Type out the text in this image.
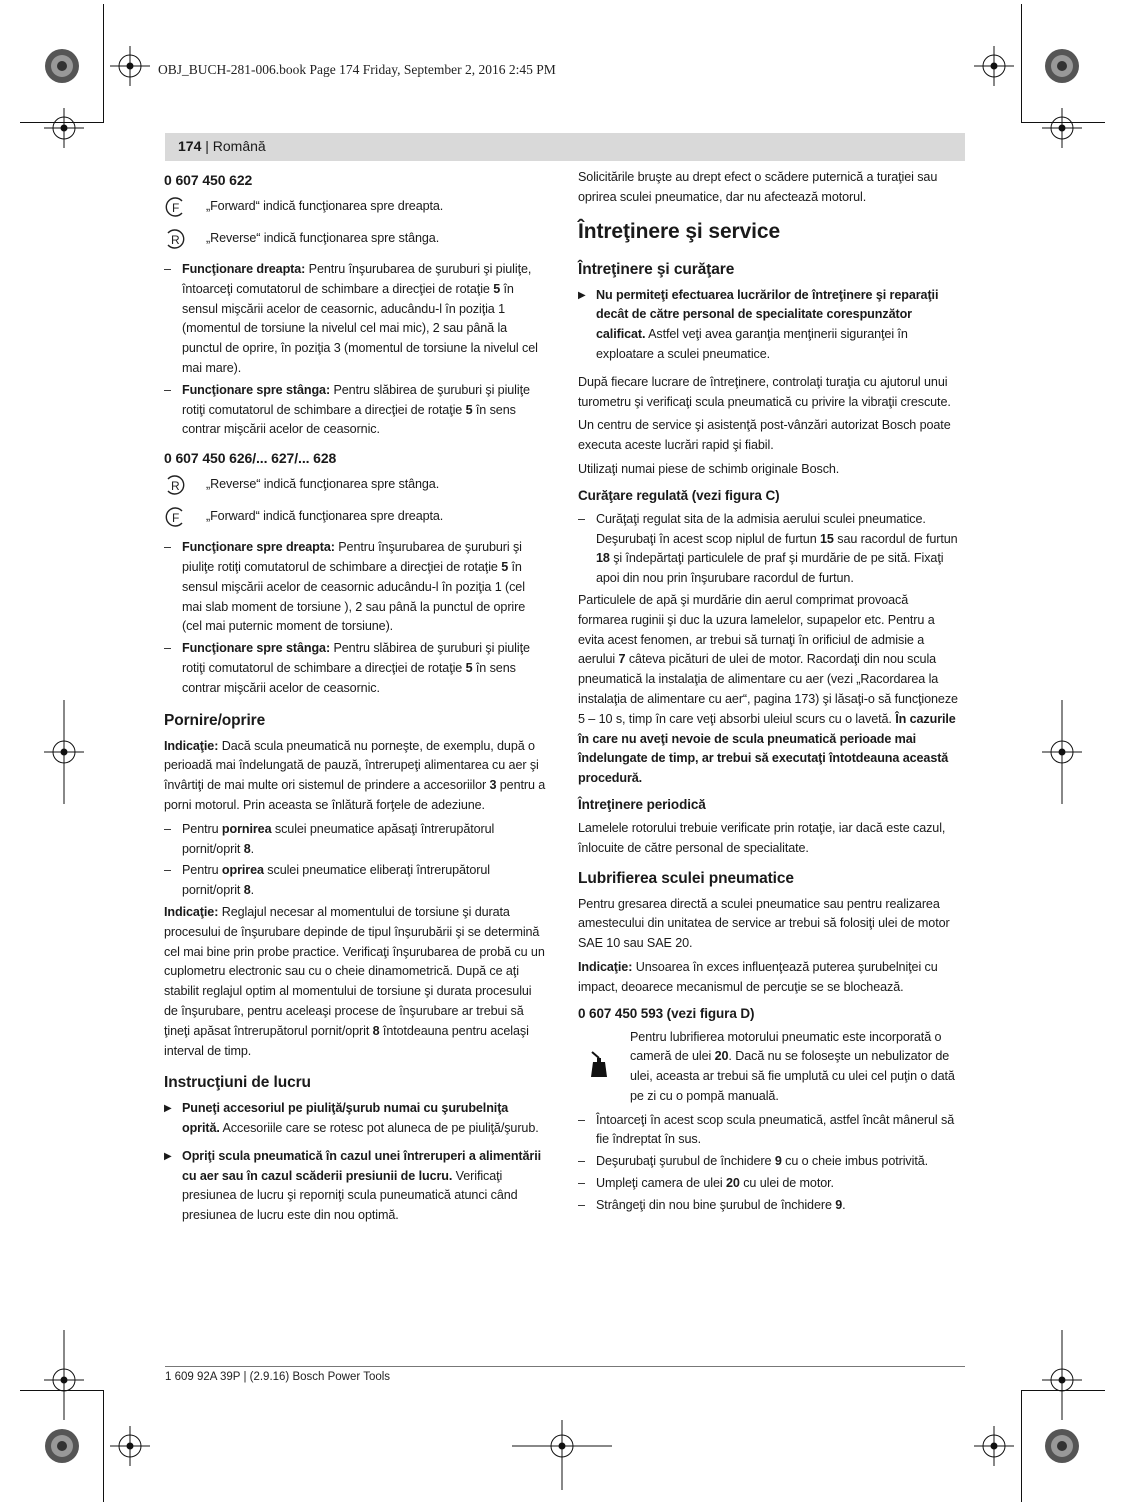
OBJ_BUCH-281-006.book Page 174 Friday, September 2, 2016 2:45 PM
174 | Română
0 607 450 622
F „Forward“ indică funcţionarea spre dreapta.
R „Reverse“ indică funcţionarea spre stânga.
– Funcţionare dreapta: Pentru înşurubarea de şuruburi şi piuliţe, întoarceţi comutatorul de schimbare a direcţiei de rotaţie 5 în sensul mişcării acelor de ceasornic, aducându-l în poziţia 1 (momentul de torsiune la nivelul cel mai mic), 2 sau până la punctul de oprire, în poziţia 3 (momentul de torsiune la nivelul cel mai mare).
– Funcţionare spre stânga: Pentru slăbirea de şuruburi şi piuliţe rotiţi comutatorul de schimbare a direcţiei de rotaţie 5 în sens contrar mişcării acelor de ceasornic.
0 607 450 626/... 627/... 628
R „Reverse“ indică funcţionarea spre stânga.
F „Forward“ indică funcţionarea spre dreapta.
– Funcţionare spre dreapta: Pentru înşurubarea de şuruburi şi piuliţe rotiţi comutatorul de schimbare a direcţiei de rotaţie 5 în sensul mişcării acelor de ceasornic aducându-l în poziţia 1 (cel mai slab moment de torsiune ), 2 sau până la punctul de oprire (cel mai puternic moment de torsiune).
– Funcţionare spre stânga: Pentru slăbirea de şuruburi şi piuliţe rotiţi comutatorul de schimbare a direcţiei de rotaţie 5 în sens contrar mişcării acelor de ceasornic.
Pornire/oprire

Indicaţie: Dacă scula pneumatică nu porneşte, de exemplu, după o perioadă mai îndelungată de pauză, întrerupeţi alimentarea cu aer şi învârtiţi de mai multe ori sistemul de prindere a accesoriilor 3 pentru a porni motorul. Prin aceasta se înlătură forţele de adeziune.

– Pentru pornirea sculei pneumatice apăsaţi întrerupătorul pornit/oprit 8.
– Pentru oprirea sculei pneumatice eliberaţi întrerupătorul pornit/oprit 8.

Indicaţie: Reglajul necesar al momentului de torsiune şi durata procesului de înşurubare depinde de tipul înşurubării şi se determină cel mai bine prin probe practice. Verificaţi înşurubarea de probă cu un cuplometru electronic sau cu o cheie dinamometrică. După ce aţi stabilit reglajul optim al momentului de torsiune şi durata procesului de înşurubare, pentru aceleaşi procese de înşurubare ar trebui să ţineţi apăsat întrerupătorul pornit/oprit 8 întotdeauna pentru acelaşi interval de timp.

Instrucţiuni de lucru
▶ Puneţi accesoriul pe piuliţă/şurub numai cu şurubelniţa oprită. Accesoriile care se rotesc pot aluneca de pe piuliţă/şurub.
▶ Opriţi scula pneumatică în cazul unei întreruperi a alimentării cu aer sau în cazul scăderii presiunii de lucru. Verificaţi presiunea de lucru şi reporniţi scula puneumatică atunci când presiunea de lucru este din nou optimă.

Solicitările bruşte au drept efect o scădere puternică a turaţiei sau oprirea sculei pneumatice, dar nu afectează motorul.

Întreţinere şi service
Întreţinere şi curăţare
▶ Nu permiteţi efectuarea lucrărilor de întreţinere şi reparaţii decât de către personal de specialitate corespunzător calificat. Astfel veţi avea garanţia menţinerii siguranţei în exploatare a sculei pneumatice.

După fiecare lucrare de întreţinere, controlaţi turaţia cu ajutorul unui turometru şi verificaţi scula pneumatică cu privire la vibraţii crescute.

Un centru de service şi asistenţă post-vânzări autorizat Bosch poate executa aceste lucrări rapid şi fiabil.

Utilizaţi numai piese de schimb originale Bosch.

Curăţare regulată (vezi figura C)
– Curăţaţi regulat sita de la admisia aerului sculei pneumatice. Deşurubaţi în acest scop niplul de furtun 15 sau racordul de furtun 18 şi îndepărtaţi particulele de praf şi murdărie de pe sită. Fixaţi apoi din nou prin înşurubare racordul de furtun.

Particulele de apă şi murdărie din aerul comprimat provoacă formarea ruginii şi duc la uzura lamelelor, supapelor etc. Pentru a evita acest fenomen, ar trebui să turnaţi în orificiul de admisie a aerului 7 câteva picături de ulei de motor. Racordaţi din nou scula pneumatică la instalaţia de alimentare cu aer (vezi „Racordarea la instalaţia de alimentare cu aer“, pagina 173) şi lăsaţi-o să funcţioneze 5 – 10 s, timp în care veţi absorbi uleiul scurs cu o lavetă. În cazurile în care nu aveţi nevoie de scula pneumatică perioade mai îndelungate de timp, ar trebui să executaţi întotdeauna această procedură.

Întreţinere periodică

Lamelele rotorului trebuie verificate prin rotaţie, iar dacă este cazul, înlocuite de către personal de specialitate.

Lubrifierea sculei pneumatice

Pentru gresarea directă a sculei pneumatice sau pentru realizarea amestecului din unitatea de service ar trebui să folosiţi ulei de motor SAE 10 sau SAE 20.

Indicaţie: Unsoarea în exces influenţează puterea şurubelniţei cu impact, deoarece mecanismul de percuţie se se blochează.

0 607 450 593 (vezi figura D)
Pentru lubrifierea motorului pneumatic este incorporată o cameră de ulei 20. Dacă nu se foloseşte un nebulizator de ulei, aceasta ar trebui să fie umplută cu ulei cel puţin o dată pe zi cu o pompă manuală.
– Întoarceţi în acest scop scula pneumatică, astfel încât mânerul să fie îndreptat în sus.
– Deşurubaţi şurubul de închidere 9 cu o cheie imbus potrivită.
– Umpleţi camera de ulei 20 cu ulei de motor.
– Strângeţi din nou bine şurubul de închidere 9.
1 609 92A 39P | (2.9.16) Bosch Power Tools
